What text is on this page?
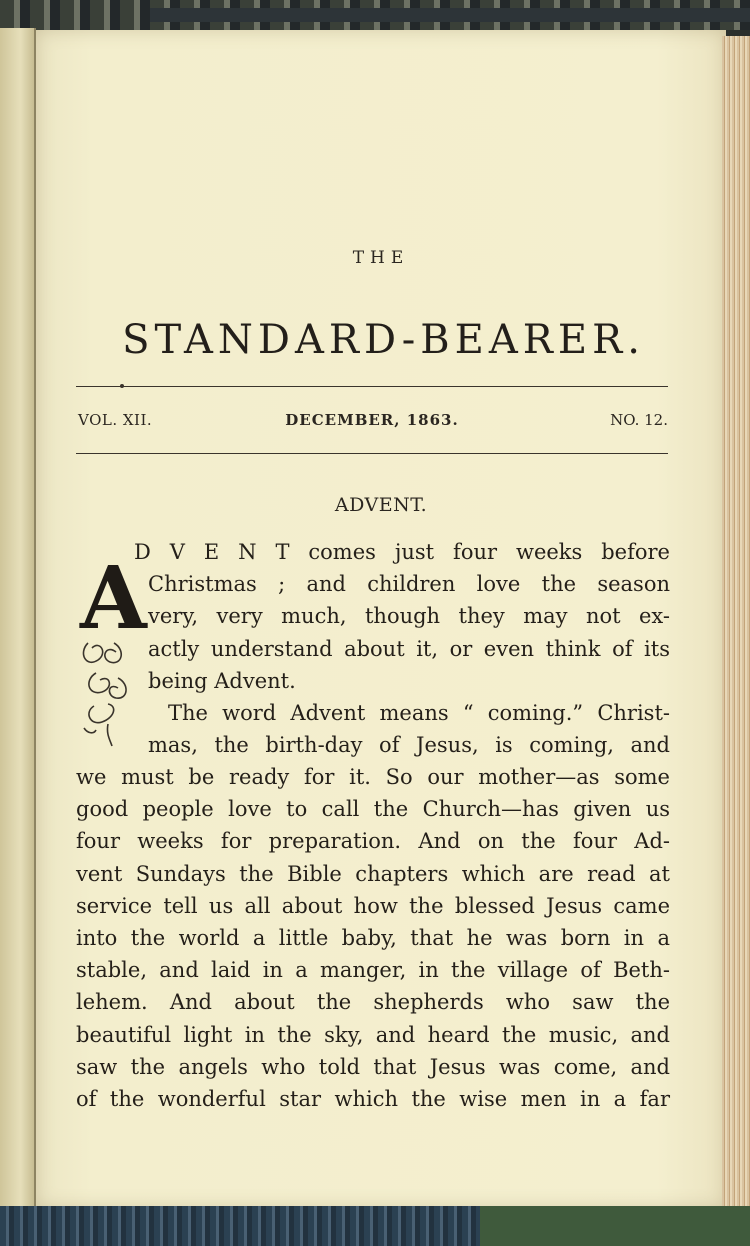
THE
STANDARD-BEARER.
VOL. XII.	DECEMBER, 1863.	NO. 12.
ADVENT.
A
D V E N T comes just four weeks before
Christmas ; and children love the season
very, very much, though they may not ex-
actly understand about it, or even think of its
being Advent.
The word Advent means “ coming.” Christ-
mas, the birth-day of Jesus, is coming, and
we must be ready for it. So our mother—as some
good people love to call the Church—has given us
four weeks for preparation. And on the four Ad-
vent Sundays the Bible chapters which are read at
service tell us all about how the blessed Jesus came
into the world a little baby, that he was born in a
stable, and laid in a manger, in the village of Beth-
lehem. And about the shepherds who saw the
beautiful light in the sky, and heard the music, and
saw the angels who told that Jesus was come, and
of the wonderful star which the wise men in a far
